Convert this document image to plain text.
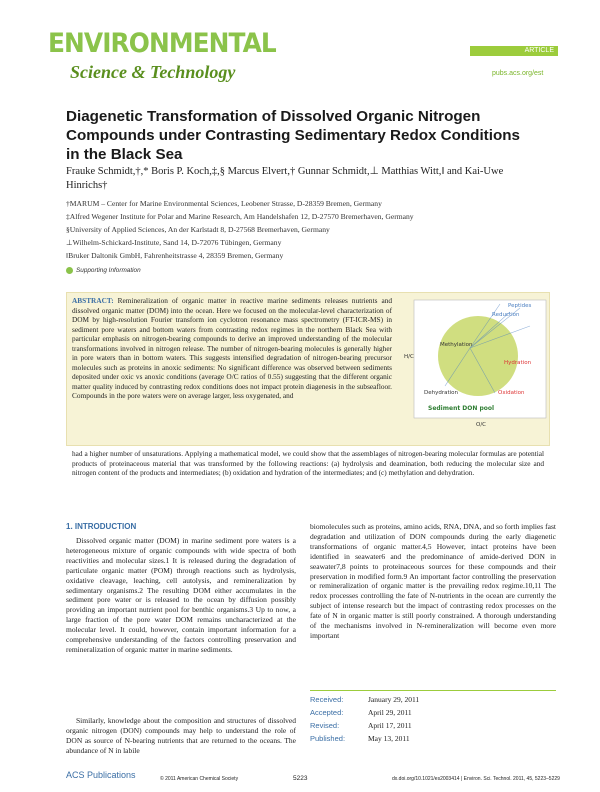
ENVIRONMENTAL
Science & Technology
ARTICLE
pubs.acs.org/est
Diagenetic Transformation of Dissolved Organic Nitrogen Compounds under Contrasting Sedimentary Redox Conditions in the Black Sea
Frauke Schmidt,†,* Boris P. Koch,‡,§ Marcus Elvert,† Gunnar Schmidt,⊥ Matthias Witt,‖ and Kai-Uwe Hinrichs†
†MARUM – Center for Marine Environmental Sciences, Leobener Strasse, D-28359 Bremen, Germany
‡Alfred Wegener Institute for Polar and Marine Research, Am Handelshafen 12, D-27570 Bremerhaven, Germany
§University of Applied Sciences, An der Karlstadt 8, D-27568 Bremerhaven, Germany
⊥Wilhelm-Schickard-Institute, Sand 14, D-72076 Tübingen, Germany
‖Bruker Daltonik GmbH, Fahrenheitstrasse 4, 28359 Bremen, Germany
Supporting Information
ABSTRACT: Remineralization of organic matter in reactive marine sediments releases nutrients and dissolved organic matter (DOM) into the ocean. Here we focused on the molecular-level characterization of DOM by high-resolution Fourier transform ion cyclotron resonance mass spectrometry (FT-ICR-MS) in sediment pore waters and bottom waters from contrasting redox regimes in the northern Black Sea with particular emphasis on nitrogen-bearing compounds to derive an improved understanding of the molecular transformations involved in nitrogen release. The number of nitrogen-bearing molecules is generally higher in pore waters than in bottom waters. This suggests intensified degradation of nitrogen-bearing precursor molecules such as proteins in anoxic sediments: No significant difference was observed between sediments deposited under oxic vs anoxic conditions (average O/C ratios of 0.55) suggesting that the different organic matter quality induced by contrasting redox conditions does not impact protein diagenesis in the subseafloor. Compounds in the pore waters were on average larger, less oxygenated, and
had a higher number of unsaturations. Applying a mathematical model, we could show that the assemblages of nitrogen-bearing molecular formulas are potential products of proteinaceous material that was transformed by the following reactions: (a) hydrolysis and deamination, both reducing the molecular size and nitrogen content of the products and intermediates; (b) oxidation and hydration of the intermediates; and (c) methylation and dehydration.
Peptides
Reduction
Methylation
Dehydration
Hydration
Oxidation
Sediment DON pool
H/C
O/C
1. INTRODUCTION
Dissolved organic matter (DOM) in marine sediment pore waters is a heterogeneous mixture of organic compounds with wide spectra of both reactivities and molecular sizes.1 It is released during the degradation of particulate organic matter (POM) through reactions such as hydrolysis, oxidative cleavage, leaching, cell autolysis, and remineralization by sedimentary organisms.2 The resulting DOM either accumulates in the sediment pore water or is released to the ocean by diffusion possibly providing an important nutrient pool for benthic organisms.3 Up to now, a large fraction of the pore water DOM remains uncharacterized at the molecular level. It could, however, contain important information for a comprehensive understanding of the factors controlling preservation and remineralization of organic matter in marine sediments.
Similarly, knowledge about the composition and structures of dissolved organic nitrogen (DON) compounds may help to understand the role of DON as source of N-bearing nutrients that are returned to the oceans. The abundance of N in labile
biomolecules such as proteins, amino acids, RNA, DNA, and so forth implies fast degradation and utilization of DON compounds during the early diagenetic transformations of organic matter.4,5 However, intact proteins have been identified in seawater6 and the predominance of amide-derived DON in seawater7,8 points to proteinaceous sources for these compounds and their preservation in modified form.9 An important factor controlling the preservation or remineralization of organic matter is the prevailing redox regime.10,11 The redox processes controlling the fate of N-nutrients in the ocean are currently the subject of intense research but the impact of contrasting redox processes on the fate of N in organic matter is still poorly constrained. A thorough understanding of the mechanisms involved in N-remineralization will become even more important
Received:	January 29, 2011
Accepted:	April 29, 2011
Revised:	April 17, 2011
Published:	May 13, 2011
ACS Publications	© 2011 American Chemical Society	5223	dx.doi.org/10.1021/es2003414 | Environ. Sci. Technol. 2011, 45, 5223–5229
